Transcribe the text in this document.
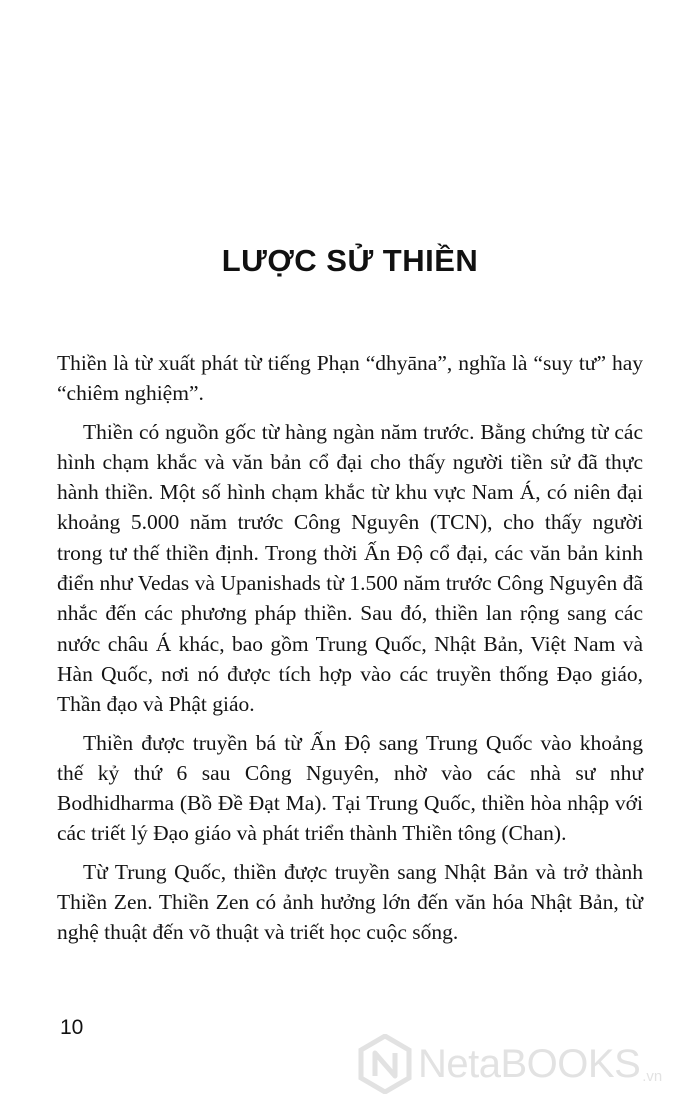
LƯỢC SỬ THIỀN

Thiền là từ xuất phát từ tiếng Phạn “dhyāna”, nghĩa là “suy tư” hay “chiêm nghiệm”.

Thiền có nguồn gốc từ hàng ngàn năm trước. Bằng chứng từ các hình chạm khắc và văn bản cổ đại cho thấy người tiền sử đã thực hành thiền. Một số hình chạm khắc từ khu vực Nam Á, có niên đại khoảng 5.000 năm trước Công Nguyên (TCN), cho thấy người trong tư thế thiền định. Trong thời Ấn Độ cổ đại, các văn bản kinh điển như Vedas và Upanishads từ 1.500 năm trước Công Nguyên đã nhắc đến các phương pháp thiền. Sau đó, thiền lan rộng sang các nước châu Á khác, bao gồm Trung Quốc, Nhật Bản, Việt Nam và Hàn Quốc, nơi nó được tích hợp vào các truyền thống Đạo giáo, Thần đạo và Phật giáo.

Thiền được truyền bá từ Ấn Độ sang Trung Quốc vào khoảng thế kỷ thứ 6 sau Công Nguyên, nhờ vào các nhà sư như Bodhidharma (Bồ Đề Đạt Ma). Tại Trung Quốc, thiền hòa nhập với các triết lý Đạo giáo và phát triển thành Thiền tông (Chan).

Từ Trung Quốc, thiền được truyền sang Nhật Bản và trở thành Thiền Zen. Thiền Zen có ảnh hưởng lớn đến văn hóa Nhật Bản, từ nghệ thuật đến võ thuật và triết học cuộc sống.

10
NetaBOOKS .vn
